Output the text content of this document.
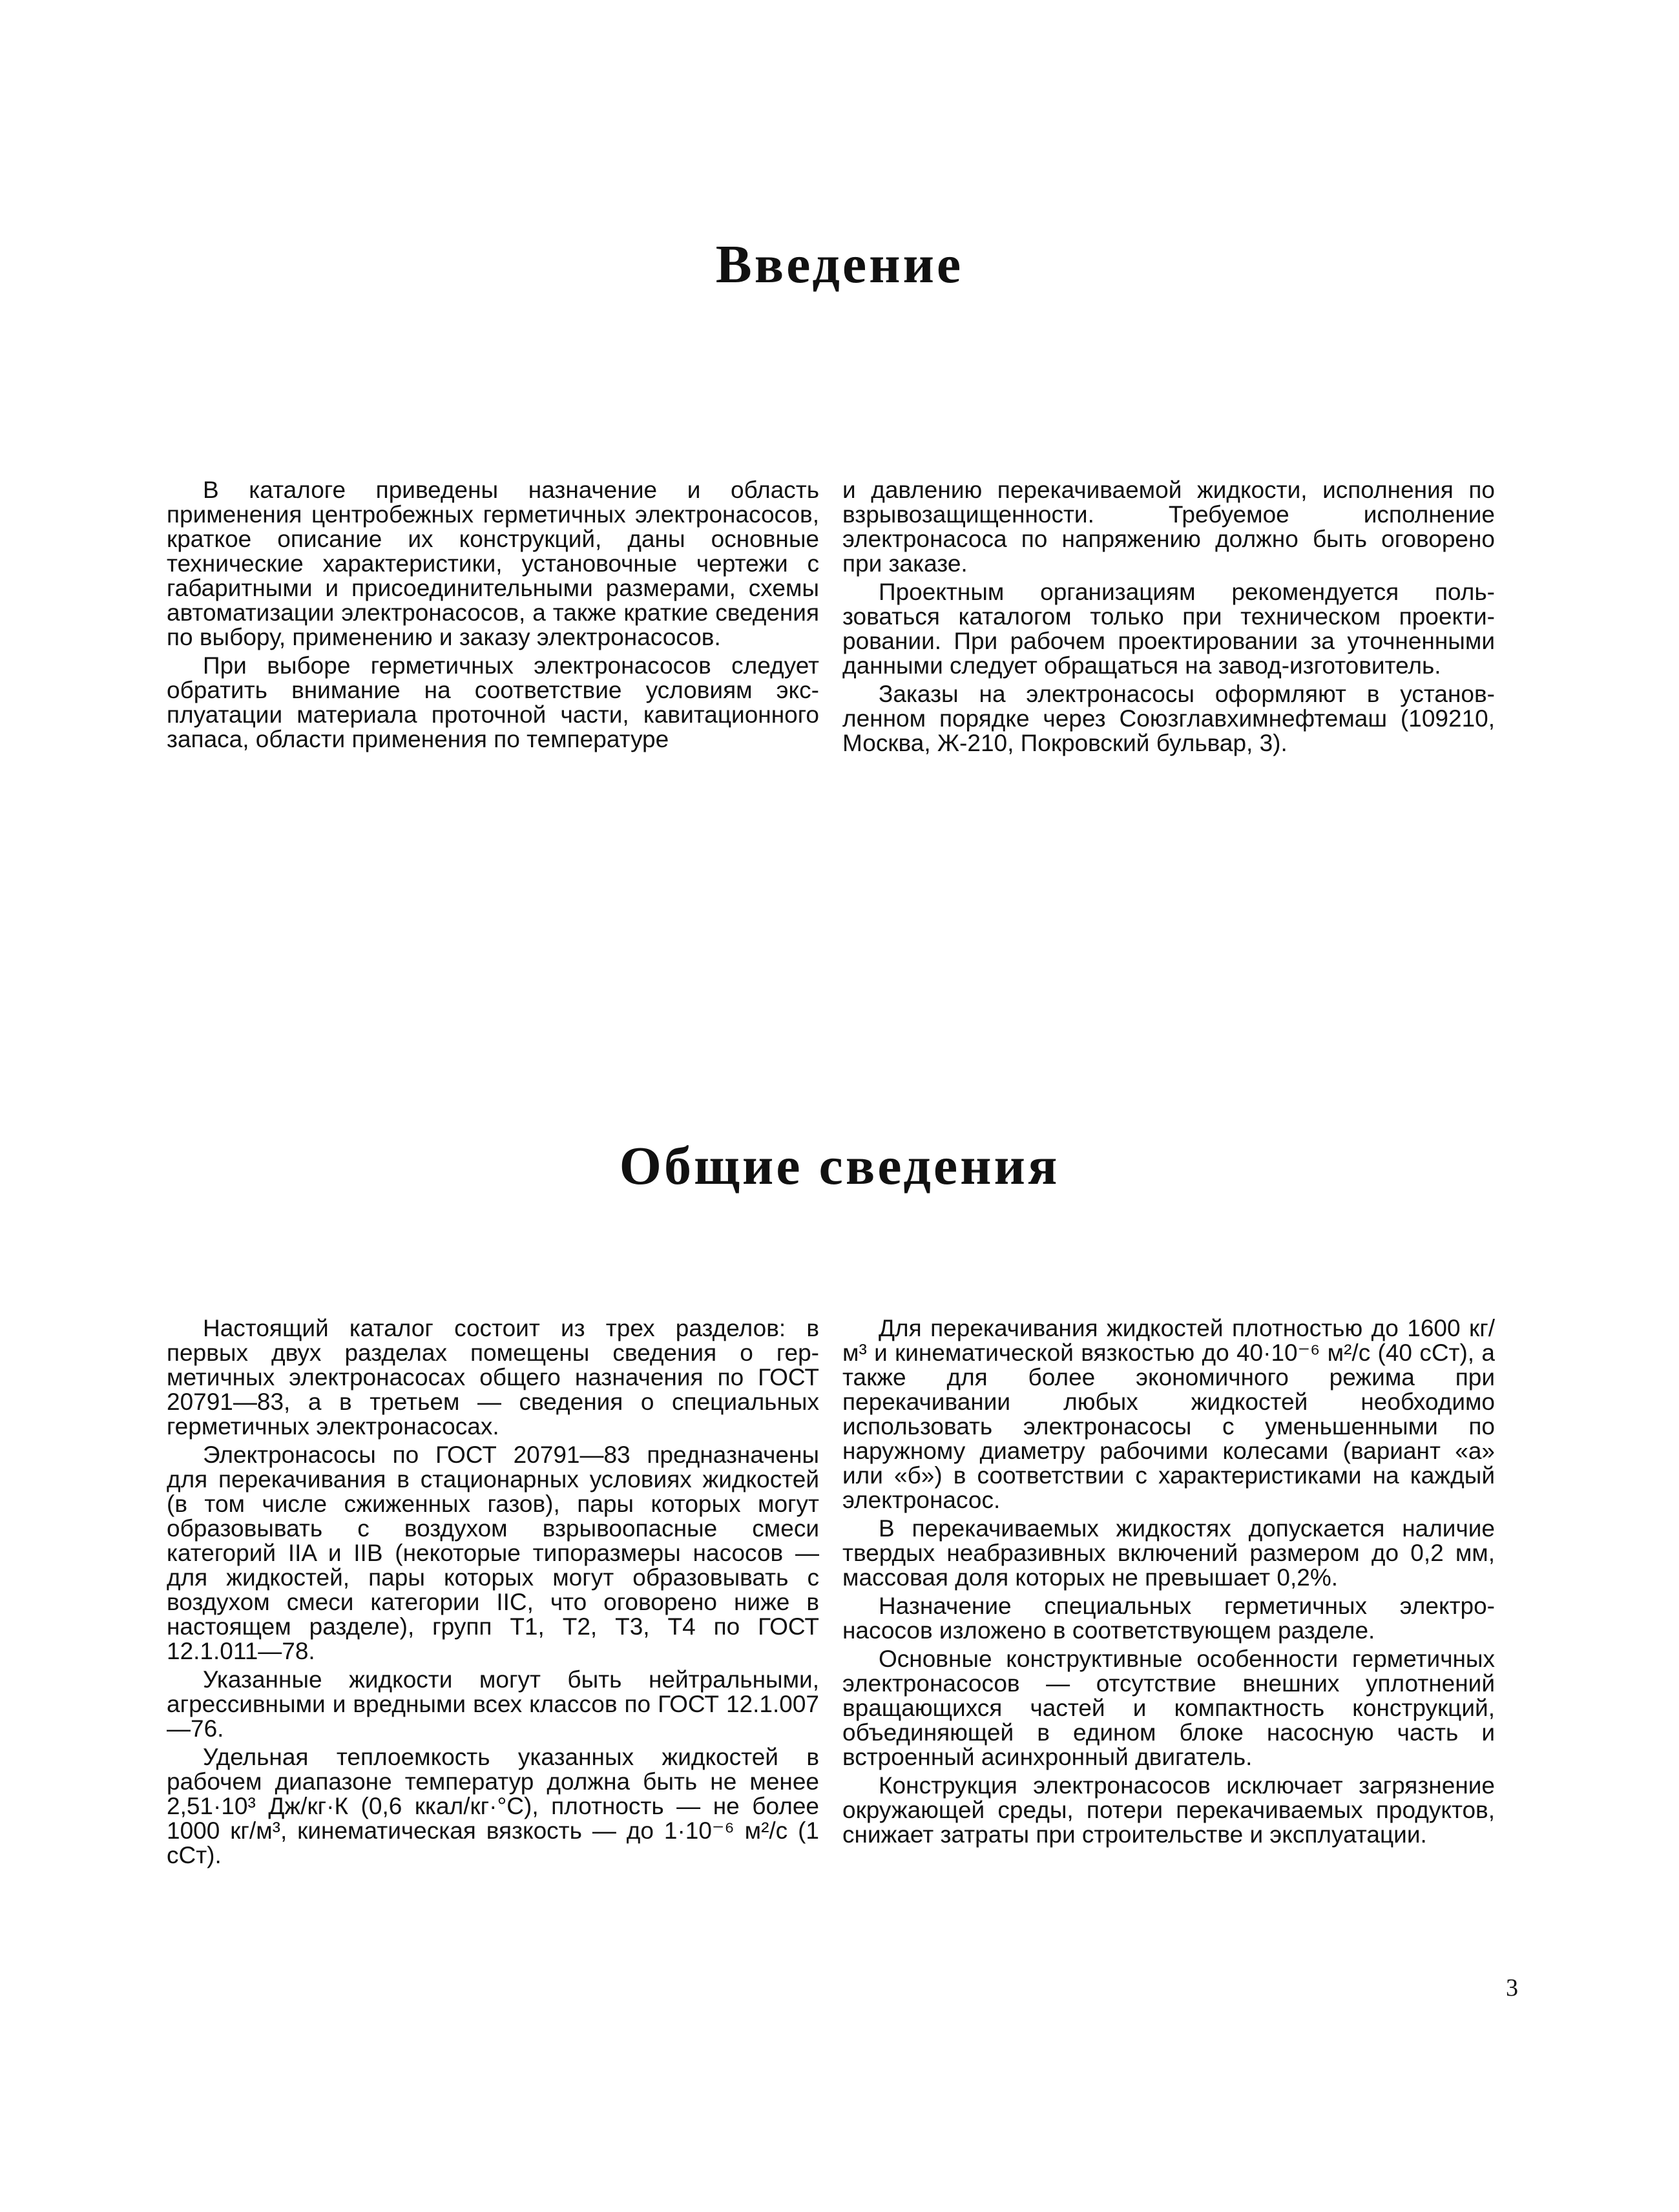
Введение

В каталоге приведены назначение и область применения центробежных герметичных электронасосов, краткое описание их конструкций, даны основные технические характеристики, установочные чертежи с габаритными и присоединительными размерами, схемы автоматизации электронасосов, а также краткие сведения по выбору, применению и заказу электронасосов.

При выборе герметичных электронасосов следует обратить внимание на соответствие условиям эксплуатации материала проточной части, кавитационного запаса, области применения по температуре

и давлению перекачиваемой жидкости, исполнения по взрывозащищенности. Требуемое исполнение электронасоса по напряжению должно быть оговорено при заказе.

Проектным организациям рекомендуется пользоваться каталогом только при техническом проектировании. При рабочем проектировании за уточненными данными следует обращаться на завод-изготовитель.

Заказы на электронасосы оформляют в установленном порядке через Союзглавхимнефтемаш (109210, Москва, Ж-210, Покровский бульвар, 3).

Общие сведения

Настоящий каталог состоит из трех разделов: в первых двух разделах помещены сведения о герметичных электронасосах общего назначения по ГОСТ 20791—83, а в третьем — сведения о специальных герметичных электронасосах.

Электронасосы по ГОСТ 20791—83 предназначены для перекачивания в стационарных условиях жидкостей (в том числе сжиженных газов), пары которых могут образовывать с воздухом взрывоопасные смеси категорий IIA и IIB (некоторые типоразмеры насосов — для жидкостей, пары которых могут образовывать с воздухом смеси категории IIC, что оговорено ниже в настоящем разделе), групп Т1, Т2, Т3, Т4 по ГОСТ 12.1.011—78.

Указанные жидкости могут быть нейтральными, агрессивными и вредными всех классов по ГОСТ 12.1.007—76.

Удельная теплоемкость указанных жидкостей в рабочем диапазоне температур должна быть не менее 2,51·10³ Дж/кг·К (0,6 ккал/кг·°С), плотность — не более 1000 кг/м³, кинематическая вязкость — до 1·10⁻⁶ м²/с (1 сСт).

Для перекачивания жидкостей плотностью до 1600 кг/м³ и кинематической вязкостью до 40·10⁻⁶ м²/с (40 сСт), а также для более экономичного режима при перекачивании любых жидкостей необходимо использовать электронасосы с уменьшенными по наружному диаметру рабочими колесами (вариант «а» или «б») в соответствии с характеристиками на каждый электронасос.

В перекачиваемых жидкостях допускается наличие твердых неабразивных включений размером до 0,2 мм, массовая доля которых не превышает 0,2%.

Назначение специальных герметичных электронасосов изложено в соответствующем разделе.

Основные конструктивные особенности герметичных электронасосов — отсутствие внешних уплотнений вращающихся частей и компактность конструкций, объединяющей в едином блоке насосную часть и встроенный асинхронный двигатель.

Конструкция электронасосов исключает загрязнение окружающей среды, потери перекачиваемых продуктов, снижает затраты при строительстве и эксплуатации.

3
